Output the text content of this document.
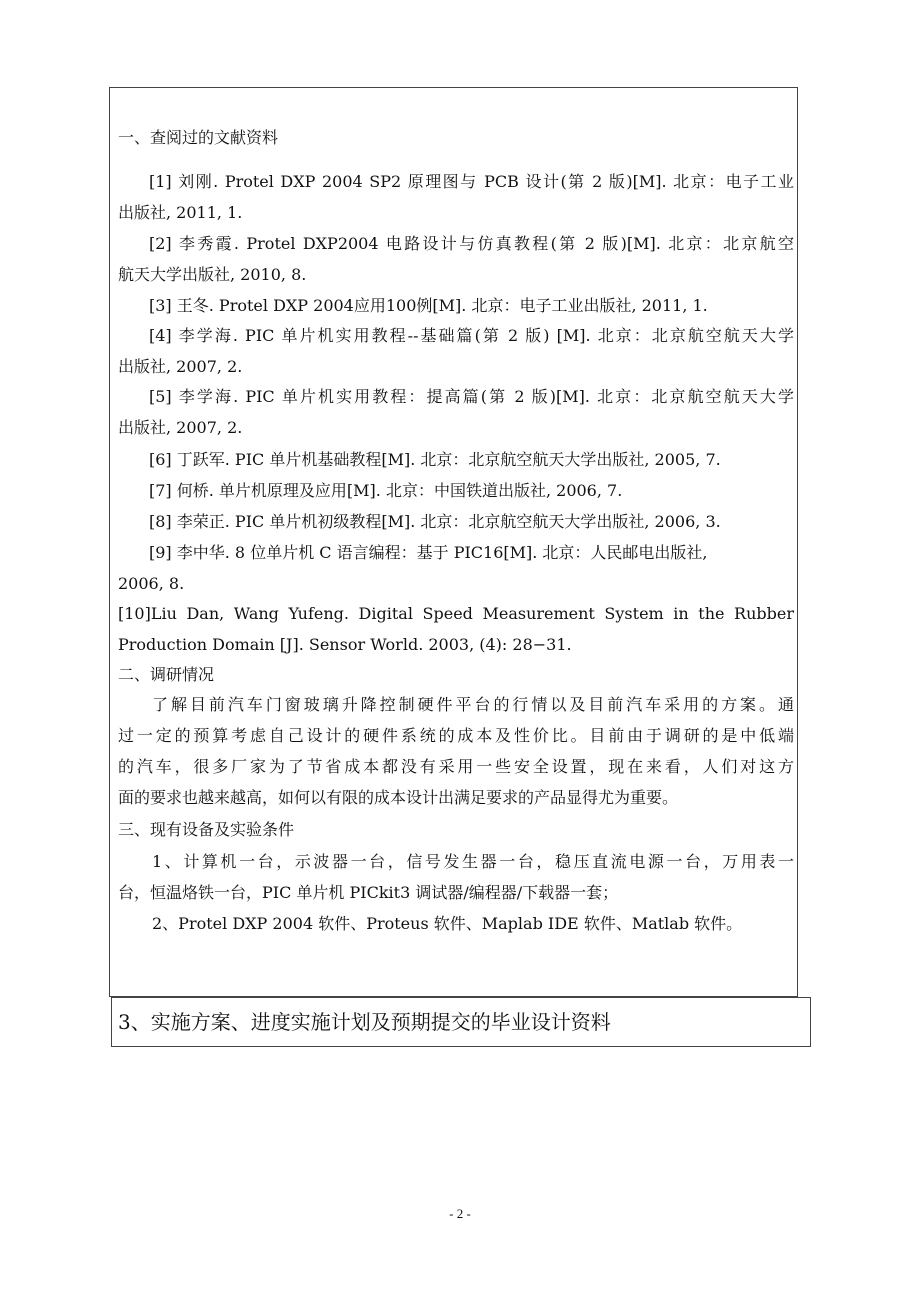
一、查阅过的文献资料
[1] 刘刚. Protel DXP 2004 SP2 原理图与 PCB 设计(第 2 版)[M]. 北京：电子工业
出版社, 2011, 1.
[2] 李秀霞. Protel DXP2004 电路设计与仿真教程(第 2 版)[M]. 北京：北京航空
航天大学出版社, 2010, 8.
[3] 王冬. Protel DXP 2004应用100例[M]. 北京：电子工业出版社, 2011, 1.
[4] 李学海. PIC 单片机实用教程--基础篇(第 2 版) [M]. 北京：北京航空航天大学
出版社, 2007, 2.
[5] 李学海. PIC 单片机实用教程：提高篇(第 2 版)[M]. 北京：北京航空航天大学
出版社, 2007, 2.
[6] 丁跃军. PIC 单片机基础教程[M]. 北京：北京航空航天大学出版社, 2005, 7.
[7] 何桥. 单片机原理及应用[M]. 北京：中国铁道出版社, 2006, 7.
[8] 李荣正. PIC 单片机初级教程[M]. 北京：北京航空航天大学出版社, 2006, 3.
[9] 李中华. 8 位单片机 C 语言编程：基于 PIC16[M]. 北京：人民邮电出版社,
2006, 8.
[10]Liu Dan, Wang Yufeng. Digital Speed Measurement System in the Rubber
Production Domain [J]. Sensor World. 2003, (4): 28−31.
二、调研情况
了解目前汽车门窗玻璃升降控制硬件平台的行情以及目前汽车采用的方案。通
过一定的预算考虑自己设计的硬件系统的成本及性价比。目前由于调研的是中低端
的汽车，很多厂家为了节省成本都没有采用一些安全设置，现在来看，人们对这方
面的要求也越来越高，如何以有限的成本设计出满足要求的产品显得尤为重要。
三、现有设备及实验条件
1、计算机一台，示波器一台，信号发生器一台，稳压直流电源一台，万用表一
台，恒温烙铁一台，PIC 单片机 PICkit3 调试器/编程器/下载器一套；
2、Protel DXP 2004 软件、Proteus 软件、Maplab IDE 软件、Matlab 软件。
3、实施方案、进度实施计划及预期提交的毕业设计资料
- 2 -
